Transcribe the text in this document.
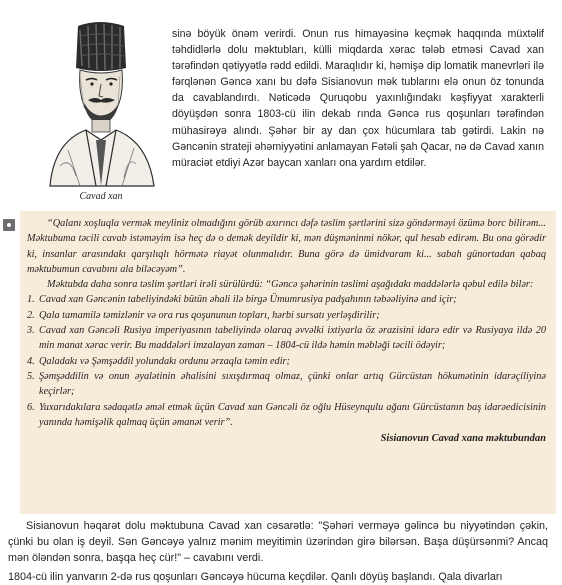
Cavad xan

sinə böyük önəm verirdi. Onun rus himayəsinə keçmək haqqında müxtəlif təhdidlərlə dolu məktubları, külli miqdarda xərac tələb etməsi Cavad xan tərəfindən qətiyyətlə rədd edildi. Maraqlıdır ki, həmişə dip lomatik manevrləri ilə fərqlənən Gəncə xanı bu dəfə Sisianovun mək tublarını elə onun öz tonunda da cavablandırdı. Nəticədə Quruqobu yaxınlığındakı kəşfiyyat xarakterli döyüşdən sonra 1803-cü ilin dekab rında Gəncə rus qoşunları tərəfindən mühasirəyə alındı. Şəhər bir ay dan çox hücumlara tab gətirdi. Lakin nə Gəncənin strateji əhəmiyyətini anlamayan Fətəli şah Qacar, nə də Cavad xanın müraciət etdiyi Azər baycan xanları ona yardım etdilər.

“Qalanı xoşluqla vermək meyliniz olmadığını görüb axırıncı dəfə təslim şərtlərini sizə göndərməyi özümə borc bilirəm... Məktubuma təcili cavab istəməyim isə heç də o demək deyildir ki, mən düşməninmi nökər, qul hesab edirəm. Bu ona görədir ki, insanlar arasındakı qarşılıqlı hörmətə riayət olunmalıdır. Buna görə də ümidvaram ki... sabah günortadan qabaq məktubumun cavabını ala biləcəyəm”.

Məktubda daha sonra təslim şərtləri irəli sürülürdü: “Gəncə şəhərinin təslimi aşağıdakı maddələrlə qəbul edilə bilər:

1. Cavad xan Gəncənin tabeliyindəki bütün əhali ilə birgə Ümumrusiya padşahının təbəəliyinə and içir;
2. Qala tamamilə təmizlənir və ora rus qoşununun topları, hərbi sursatı yerləşdirilir;
3. Cavad xan Gəncəli Rusiya imperiyasının tabeliyində olaraq əvvəlki ixtiyarla öz ərazisini idarə edir və Rusiyaya ildə 20 min manat xərac verir. Bu maddələri imzalayan zaman – 1804-cü ildə həmin məbləği təcili ödəyir;
4. Qaladakı və Şəmşəddil yolundakı ordunu ərzaqla təmin edir;
5. Şəmşəddilin və onun əyalətinin əhalisini sıxışdırmaq olmaz, çünki onlar artıq Gürcüstan hökumətinin idarəçiliyinə keçirlər;
6. Yuxarıdakılara sədaqətlə əməl etmək üçün Cavad xan Gəncəli öz oğlu Hüseynqulu ağanı Gürcüstanın baş idarəedicisinin yanında həmişəlik qalmaq üçün əmanət verir”.

Sisianovun Cavad xana məktubundan

Sisianovun həqarət dolu məktubuna Cavad xan cəsarətlə: "Şəhəri verməyə gəlincə bu niyyətindən çəkin, çünki bu olan iş deyil. Sən Gəncəyə yalnız mənim meyitimin üzərindən girə bilərsən. Başa düşürsənmi? Ancaq mən öləndən sonra, başqa heç cür!" – cavabını verdi.

1804-cü ilin yanvarın 2-də rus qoşunları Gəncəyə hücuma keçdilər. Qanlı döyüş başlandı. Qala divarları
